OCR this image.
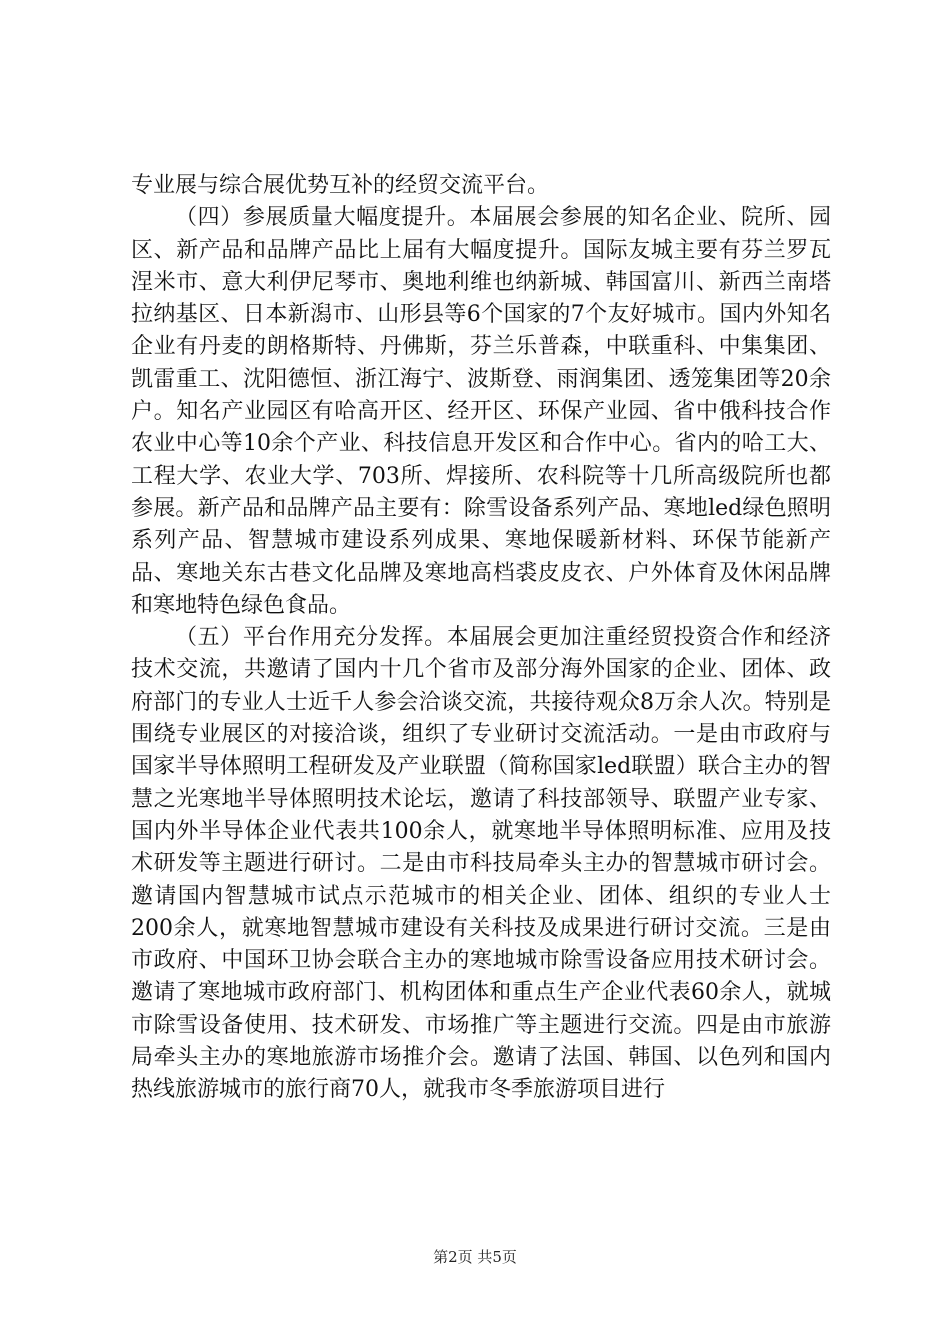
专业展与综合展优势互补的经贸交流平台。

（四）参展质量大幅度提升。本届展会参展的知名企业、院所、园区、新产品和品牌产品比上届有大幅度提升。国际友城主要有芬兰罗瓦涅米市、意大利伊尼琴市、奥地利维也纳新城、韩国富川、新西兰南塔拉纳基区、日本新潟市、山形县等6个国家的7个友好城市。国内外知名企业有丹麦的朗格斯特、丹佛斯，芬兰乐普森，中联重科、中集集团、凯雷重工、沈阳德恒、浙江海宁、波斯登、雨润集团、透笼集团等20余户。知名产业园区有哈高开区、经开区、环保产业园、省中俄科技合作农业中心等10余个产业、科技信息开发区和合作中心。省内的哈工大、工程大学、农业大学、703所、焊接所、农科院等十几所高级院所也都参展。新产品和品牌产品主要有：除雪设备系列产品、寒地led绿色照明系列产品、智慧城市建设系列成果、寒地保暖新材料、环保节能新产品、寒地关东古巷文化品牌及寒地高档裘皮皮衣、户外体育及休闲品牌和寒地特色绿色食品。

（五）平台作用充分发挥。本届展会更加注重经贸投资合作和经济技术交流，共邀请了国内十几个省市及部分海外国家的企业、团体、政府部门的专业人士近千人参会洽谈交流，共接待观众8万余人次。特别是围绕专业展区的对接洽谈，组织了专业研讨交流活动。一是由市政府与国家半导体照明工程研发及产业联盟（简称国家led联盟）联合主办的智慧之光寒地半导体照明技术论坛，邀请了科技部领导、联盟产业专家、国内外半导体企业代表共100余人，就寒地半导体照明标准、应用及技术研发等主题进行研讨。二是由市科技局牵头主办的智慧城市研讨会。邀请国内智慧城市试点示范城市的相关企业、团体、组织的专业人士200余人，就寒地智慧城市建设有关科技及成果进行研讨交流。三是由市政府、中国环卫协会联合主办的寒地城市除雪设备应用技术研讨会。邀请了寒地城市政府部门、机构团体和重点生产企业代表60余人，就城市除雪设备使用、技术研发、市场推广等主题进行交流。四是由市旅游局牵头主办的寒地旅游市场推介会。邀请了法国、韩国、以色列和国内热线旅游城市的旅行商70人，就我市冬季旅游项目进行

第2页 共5页
